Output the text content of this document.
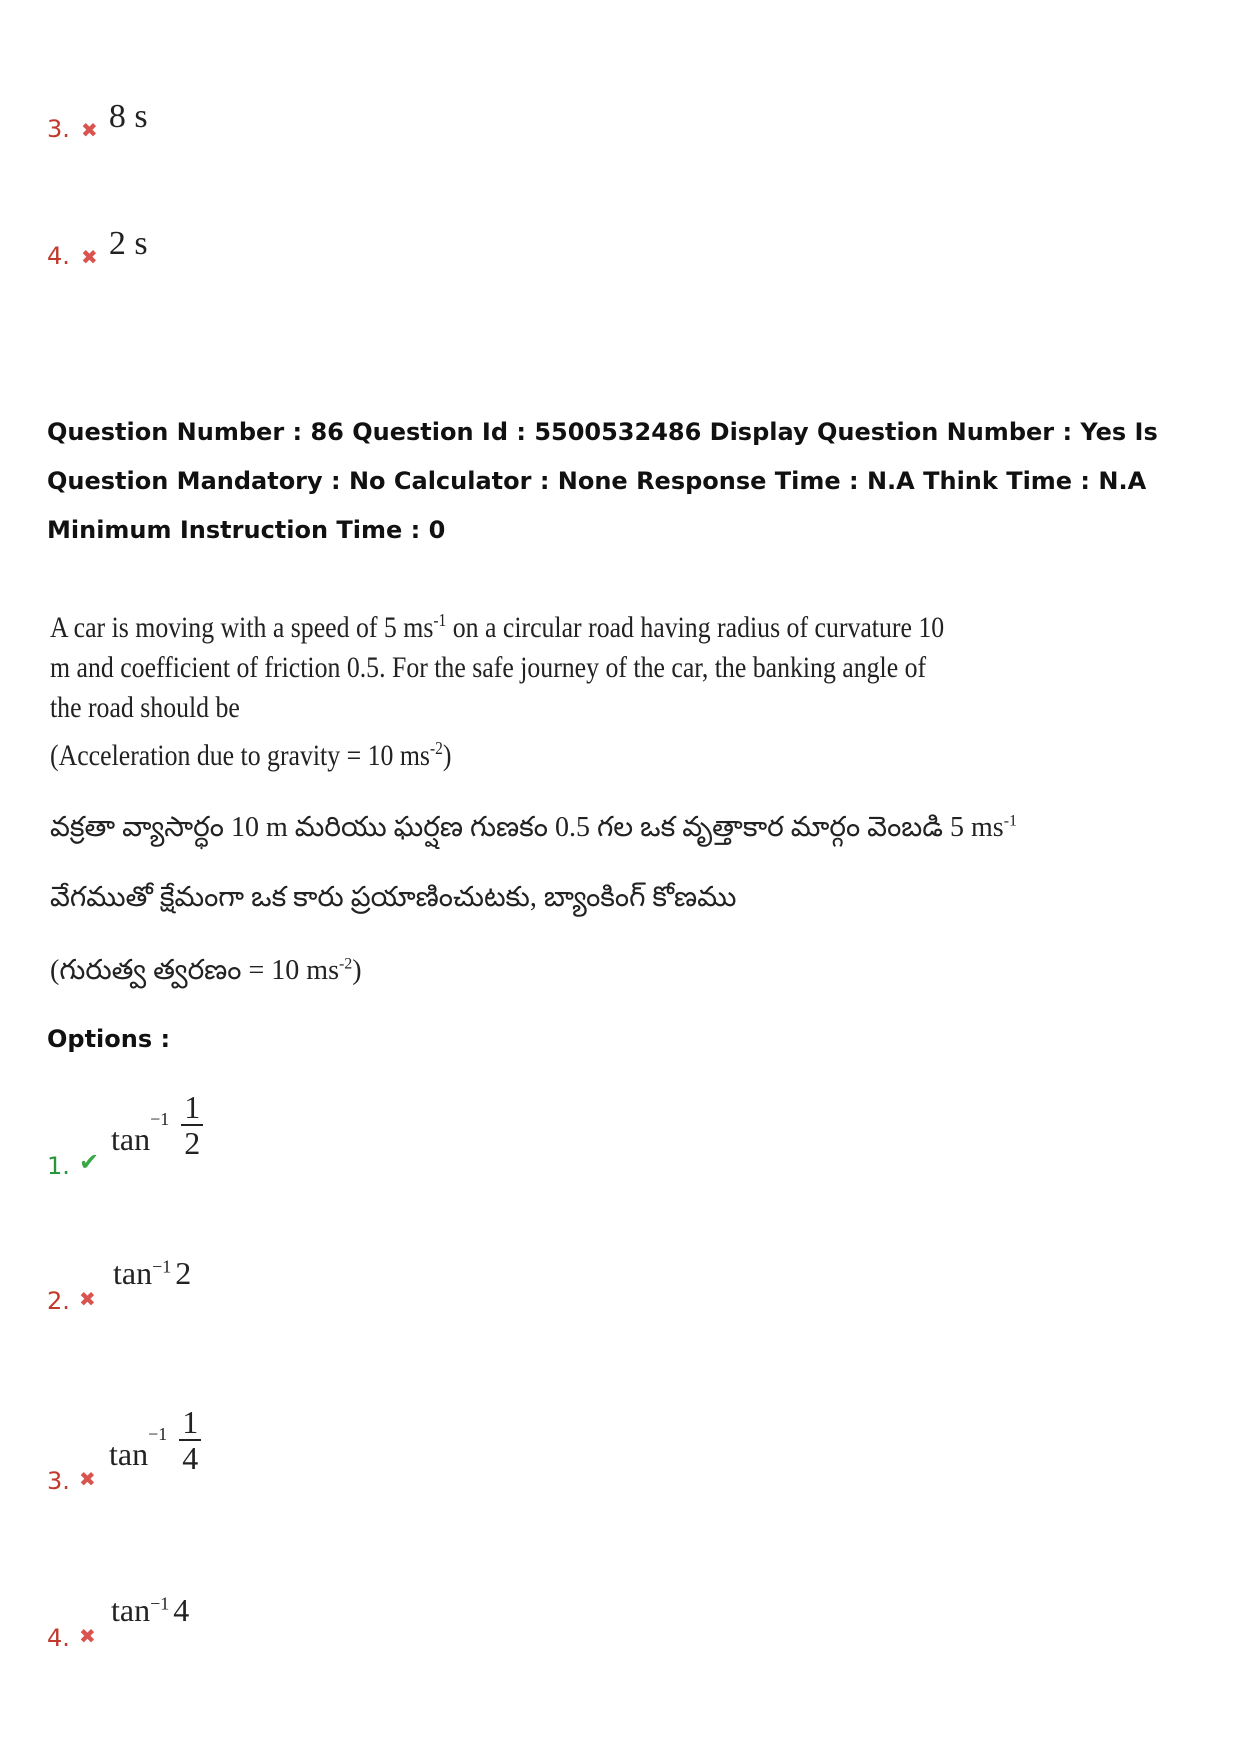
3. ✖ 8 s
4. ✖ 2 s
Question Number : 86 Question Id : 5500532486 Display Question Number : Yes Is Question Mandatory : No Calculator : None Response Time : N.A Think Time : N.A Minimum Instruction Time : 0
A car is moving with a speed of 5 $ms^{-1}$ on a circular road having radius of curvature 10 m and coefficient of friction 0.5. For the safe journey of the car, the banking angle of the road should be
(Acceleration due to gravity = 10 $ms^{-2}$)
వక్రతా వ్యాసార్ధం 10 m మరియు ఘర్షణ గుణకం 0.5 గల ఒక వృత్తాకార మార్గం వెంబడి 5 $ms^{-1}$
వేగముతో క్షేమంగా ఒక కారు ప్రయాణించుటకు, బ్యాంకింగ్ కోణము
(గురుత్వ త్వరణం = 10 $ms^{-2}$)
Options :
1. ✔
$\tan^{-1} \frac{1}{2}$
2. ✖
$\tan^{-1} 2$
3. ✖
$\tan^{-1} \frac{1}{4}$
4. ✖
$\tan^{-1} 4$
